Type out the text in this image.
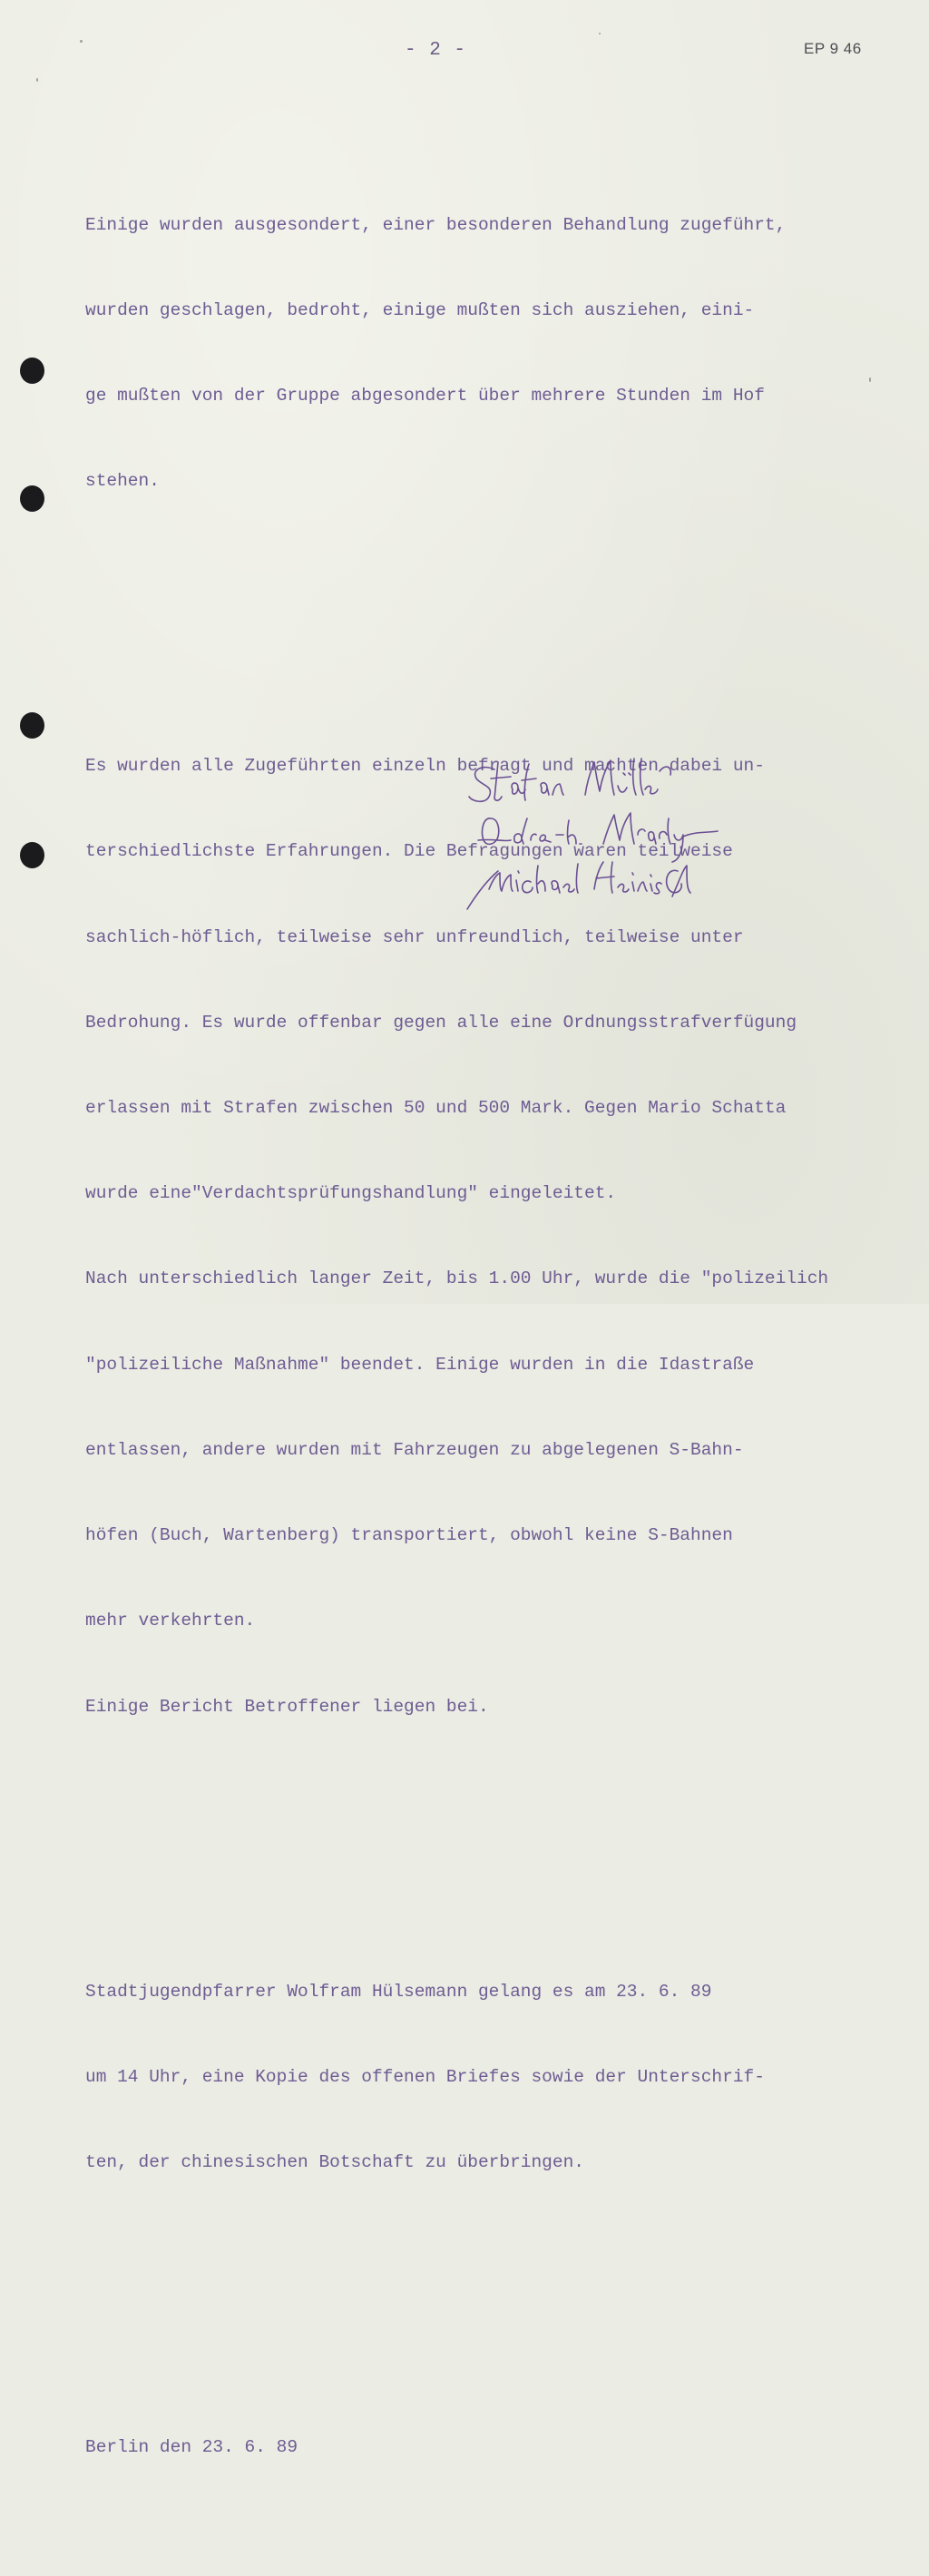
- 2 -	EP 9 46

Einige wurden ausgesondert, einer besonderen Behandlung zugeführt,

wurden geschlagen, bedroht, einige mußten sich ausziehen, eini-

ge mußten von der Gruppe abgesondert über mehrere Stunden im Hof

stehen.

Es wurden alle Zugeführten einzeln befragt und machten dabei un-

terschiedlichste Erfahrungen. Die Befragungen waren teilweise

sachlich-höflich, teilweise sehr unfreundlich, teilweise unter

Bedrohung. Es wurde offenbar gegen alle eine Ordnungsstrafverfügung

erlassen mit Strafen zwischen 50 und 500 Mark. Gegen Mario Schatta

wurde eine"Verdachtsprüfungshandlung" eingeleitet.

Nach unterschiedlich langer Zeit, bis 1.00 Uhr, wurde die "polizeilich

"polizeiliche Maßnahme" beendet. Einige wurden in die Idastraße

entlassen, andere wurden mit Fahrzeugen zu abgelegenen S-Bahn-

höfen (Buch, Wartenberg) transportiert, obwohl keine S-Bahnen

mehr verkehrten.

Einige Bericht Betroffener liegen bei.

Stadtjugendpfarrer Wolfram Hülsemann gelang es am 23. 6. 89

um 14 Uhr, eine Kopie des offenen Briefes sowie der Unterschrif-

ten, der chinesischen Botschaft zu überbringen.

Berlin den 23. 6. 89
